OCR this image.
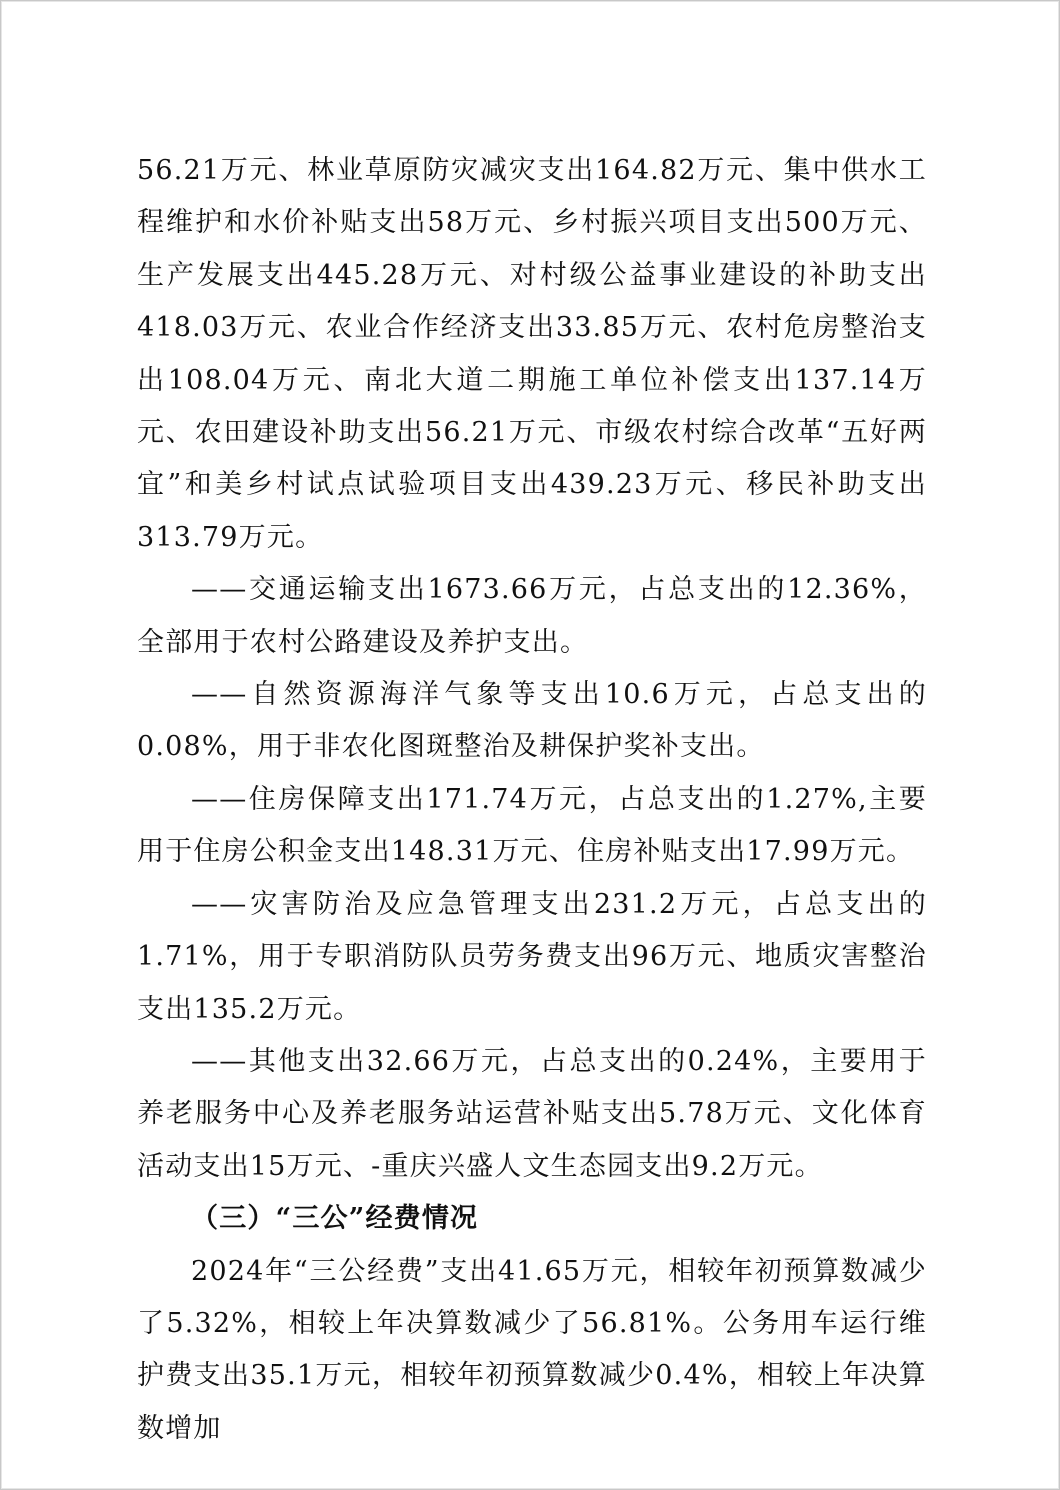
56.21万元、林业草原防灾减灾支出164.82万元、集中供水工程维护和水价补贴支出58万元、乡村振兴项目支出500万元、生产发展支出445.28万元、对村级公益事业建设的补助支出418.03万元、农业合作经济支出33.85万元、农村危房整治支出108.04万元、南北大道二期施工单位补偿支出137.14万元、农田建设补助支出56.21万元、市级农村综合改革“五好两宜”和美乡村试点试验项目支出439.23万元、移民补助支出313.79万元。

——交通运输支出1673.66万元，占总支出的12.36%，全部用于农村公路建设及养护支出。

——自然资源海洋气象等支出10.6万元，占总支出的0.08%，用于非农化图斑整治及耕保护奖补支出。

——住房保障支出171.74万元，占总支出的1.27%,主要用于住房公积金支出148.31万元、住房补贴支出17.99万元。

——灾害防治及应急管理支出231.2万元，占总支出的1.71%，用于专职消防队员劳务费支出96万元、地质灾害整治支出135.2万元。

——其他支出32.66万元，占总支出的0.24%，主要用于养老服务中心及养老服务站运营补贴支出5.78万元、文化体育活动支出15万元、-重庆兴盛人文生态园支出9.2万元。

（三）“三公”经费情况

2024年“三公经费”支出41.65万元，相较年初预算数减少了5.32%，相较上年决算数减少了56.81%。公务用车运行维护费支出35.1万元，相较年初预算数减少0.4%，相较上年决算数增加
